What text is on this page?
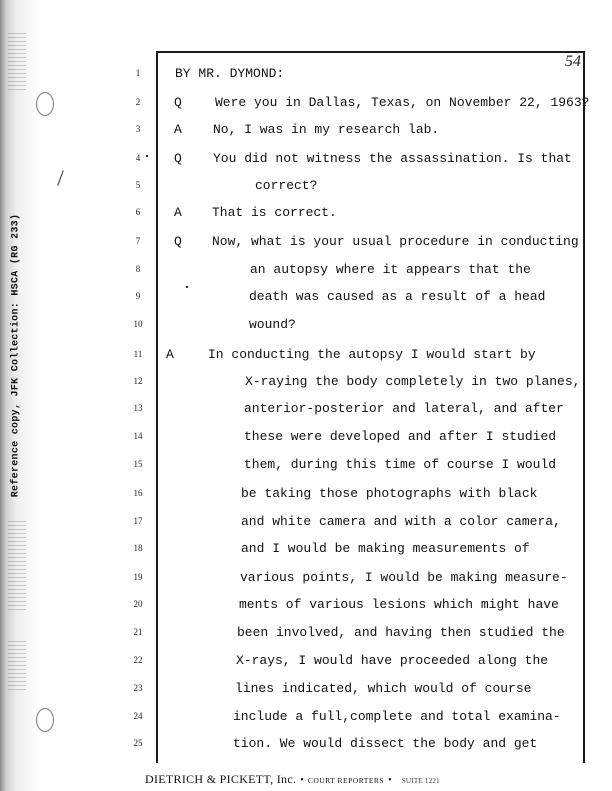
Reference copy, JFK Collection: HSCA (RG 233)
54
1	BY MR. DYMOND:
2	Q	Were you in Dallas, Texas, on November 22, 1963?
3	A No, I was in my research lab.
4	Q You did not witness the assassination. Is that
5	correct?
6	A That is correct.
7	Q Now, what is your usual procedure in conducting
8	an autopsy where it appears that the
9	death was caused as a result of a head
10	wound?
11	A	In conducting the autopsy I would start by
12	X-raying the body completely in two planes,
13	anterior-posterior and lateral, and after
14	these were developed and after I studied
15	them, during this time of course I would
16	be taking those photographs with black
17	and white camera and with a color camera,
18	and I would be making measurements of
19	various points, I would be making measure-
20	ments of various lesions which might have
21	been involved, and having then studied the
22	X-rays, I would have proceeded along the
23	lines indicated, which would of course
24	include a full,complete and total examina-
25	tion. We would dissect the body and get
DIETRICH & PICKETT, Inc. • COURT REPORTERS • SUITE 1221
